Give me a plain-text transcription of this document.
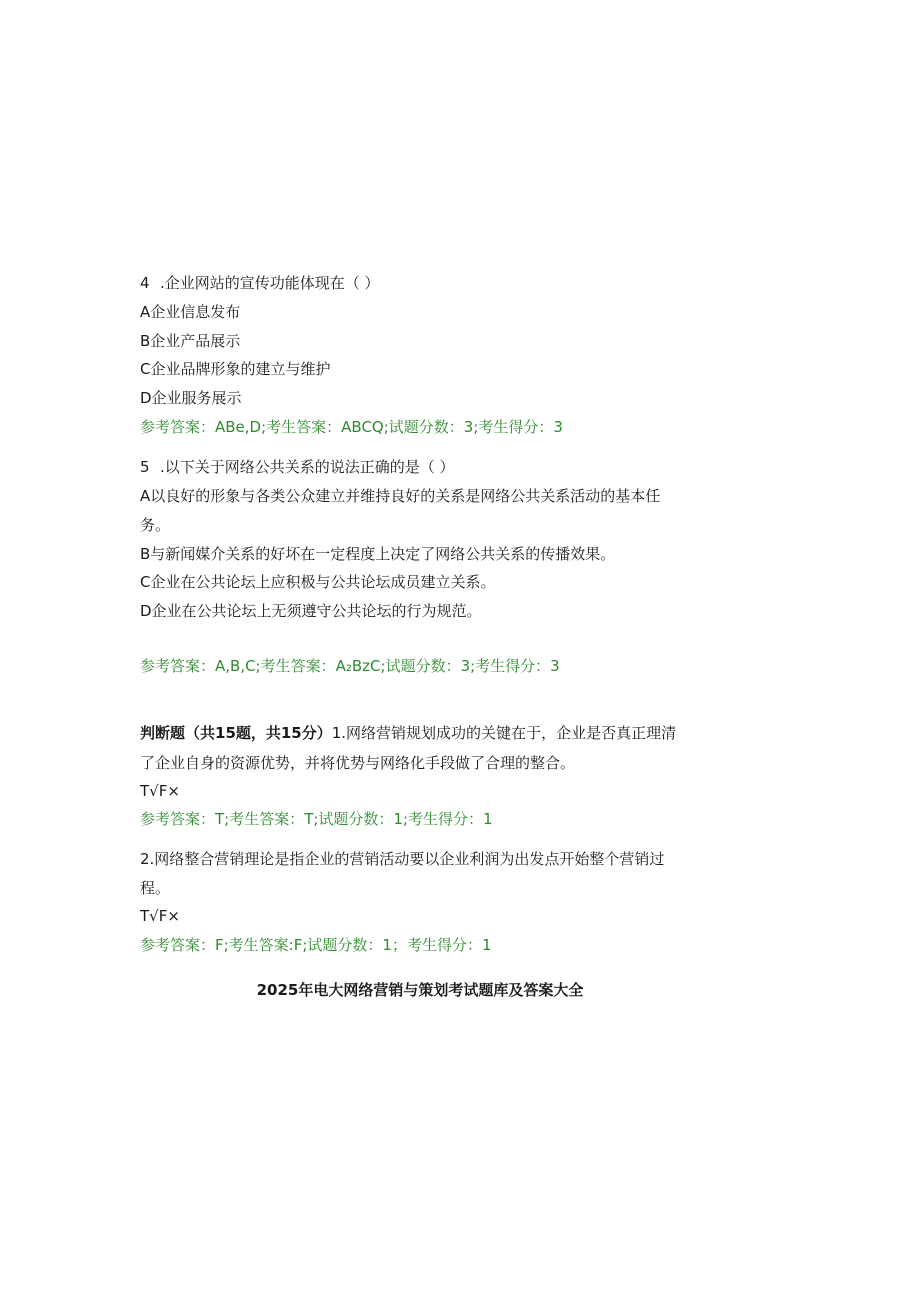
4 .企业网站的宣传功能体现在（ ）
A企业信息发布
B企业产品展示
C企业品牌形象的建立与维护
D企业服务展示
参考答案：ABe,D;考生答案：ABCQ;试题分数：3;考生得分：3
5 .以下关于网络公共关系的说法正确的是（ ）
A以良好的形象与各类公众建立并维持良好的关系是网络公共关系活动的基本任
务。
B与新闻媒介关系的好坏在一定程度上决定了网络公共关系的传播效果。
C企业在公共论坛上应积极与公共论坛成员建立关系。
D企业在公共论坛上无须遵守公共论坛的行为规范。
参考答案：A,B,C;考生答案：A₂BzC;试题分数：3;考生得分：3
判断题（共15题，共15分）1.网络营销规划成功的关键在于，企业是否真正理清
了企业自身的资源优势，并将优势与网络化手段做了合理的整合。
T√F×
参考答案：T;考生答案：T;试题分数：1;考生得分：1
2.网络整合营销理论是指企业的营销活动要以企业利润为出发点开始整个营销过
程。
T√F×
参考答案：F;考生答案:F;试题分数：1；考生得分：1
2025年电大网络营销与策划考试题库及答案大全
